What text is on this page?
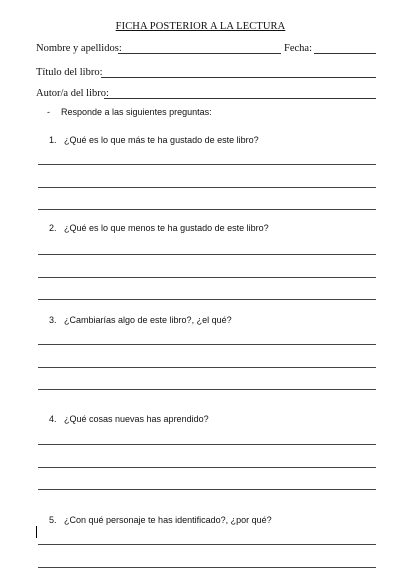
FICHA POSTERIOR A LA LECTURA
Nombre y apellidos:	Fecha:
Título del libro:
Autor/a del libro:
- Responde a las siguientes preguntas:
1. ¿Qué es lo que más te ha gustado de este libro?
2. ¿Qué es lo que menos te ha gustado de este libro?
3. ¿Cambiarías algo de este libro?, ¿el qué?
4. ¿Qué cosas nuevas has aprendido?
5. ¿Con qué personaje te has identificado?, ¿por qué?
